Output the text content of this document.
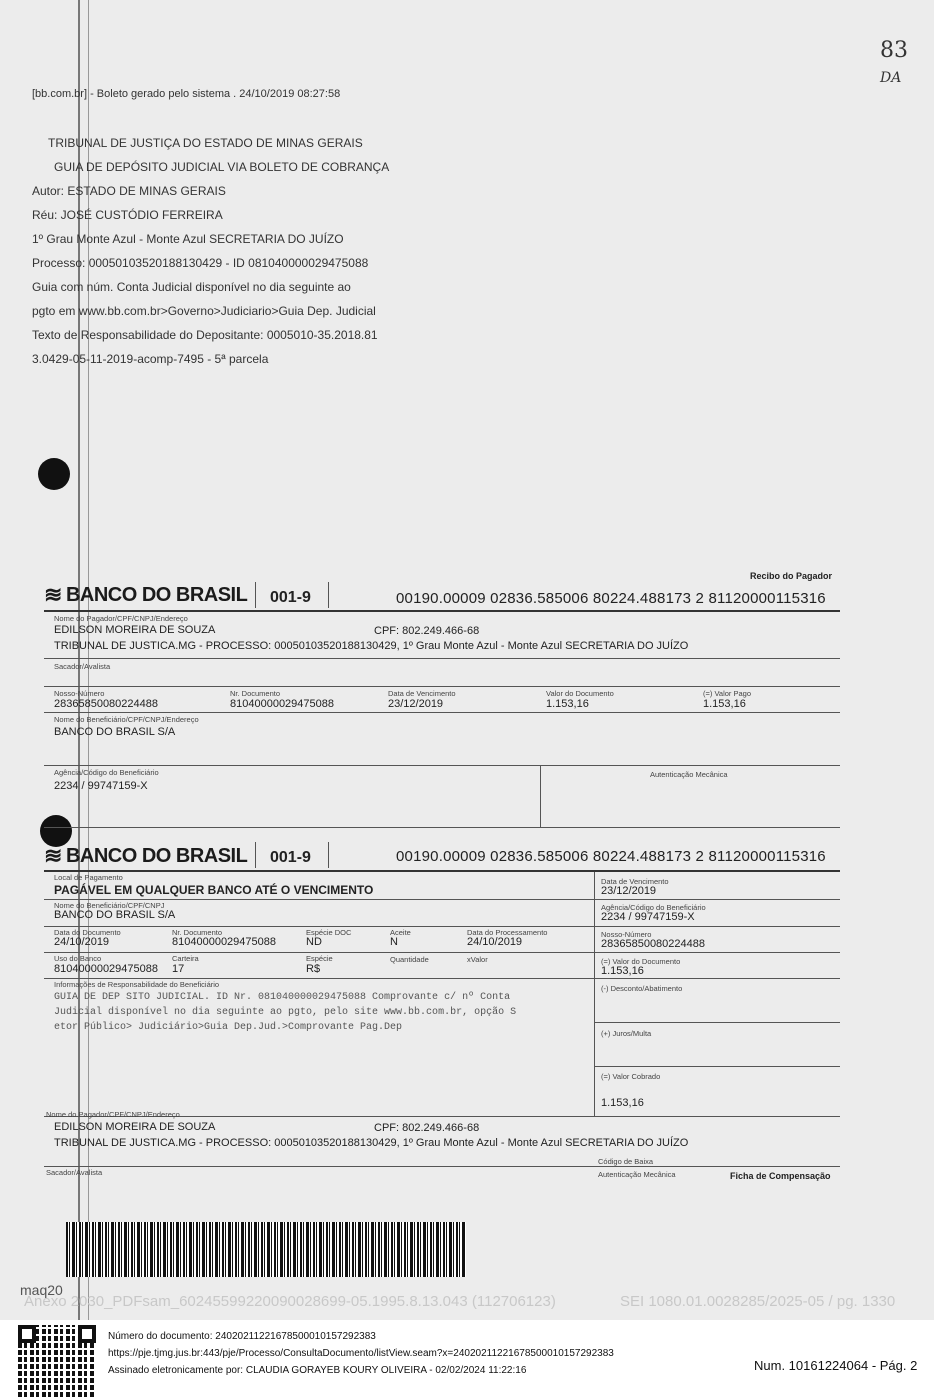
[bb.com.br] - Boleto gerado pelo sistema . 24/10/2019 08:27:58
83
DA
TRIBUNAL DE JUSTIÇA DO ESTADO DE MINAS GERAIS
GUIA DE DEPÓSITO JUDICIAL VIA BOLETO DE COBRANÇA
Autor: ESTADO DE MINAS GERAIS
Réu: JOSÉ CUSTÓDIO FERREIRA
1º Grau Monte Azul - Monte Azul SECRETARIA DO JUÍZO
Processo: 00050103520188130429 - ID 081040000029475088
Guia com núm. Conta Judicial disponível no dia seguinte ao
pgto em www.bb.com.br>Governo>Judiciario>Guia Dep. Judicial
Texto de Responsabilidade do Depositante: 0005010-35.2018.81
3.0429-05-11-2019-acomp-7495 - 5ª parcela
Recibo do Pagador
≋ BANCO DO BRASIL 001-9	00190.00009 02836.585006 80224.488173 2 81120000115316
Nome do Pagador/CPF/CNPJ/Endereço
EDILSON MOREIRA DE SOUZA	CPF: 802.249.466-68
TRIBUNAL DE JUSTICA.MG - PROCESSO: 00050103520188130429, 1º Grau Monte Azul - Monte Azul SECRETARIA DO JUÍZO
Sacador/Avalista
Nosso-Número
28365850080224488
Nr. Documento
81040000029475088
Data de Vencimento
23/12/2019
Valor do Documento
1.153,16
(=) Valor Pago
1.153,16
Nome do Beneficiário/CPF/CNPJ/Endereço
BANCO DO BRASIL S/A
Agência/Código do Beneficiário
2234 / 99747159-X
Autenticação Mecânica
≋ BANCO DO BRASIL 001-9	00190.00009 02836.585006 80224.488173 2 81120000115316
Local de Pagamento
PAGÁVEL EM QUALQUER BANCO ATÉ O VENCIMENTO
Data de Vencimento
23/12/2019
Nome do Beneficiário/CPF/CNPJ
BANCO DO BRASIL S/A
Agência/Código do Beneficiário
2234 / 99747159-X
Data do Documento
24/10/2019
Nr. Documento
81040000029475088
Espécie DOC
ND
Aceite
N
Data do Processamento
24/10/2019
Nosso-Número
28365850080224488
Uso do Banco
81040000029475088
Carteira
17
Espécie
R$
Quantidade	xValor	(=) Valor do Documento
1.153,16
Informações de Responsabilidade do Beneficiário
GUIA DE DEP SITO JUDICIAL. ID Nr. 081040000029475088 Comprovante c/ nº Conta
Judicial disponível no dia seguinte ao pgto, pelo site www.bb.com.br, opção S
etor Público> Judiciário>Guia Dep.Jud.>Comprovante Pag.Dep
(-) Desconto/Abatimento
(+) Juros/Multa
(=) Valor Cobrado
1.153,16
Nome do Pagador/CPF/CNPJ/Endereço
EDILSON MOREIRA DE SOUZA	CPF: 802.249.466-68
TRIBUNAL DE JUSTICA.MG - PROCESSO: 00050103520188130429, 1º Grau Monte Azul - Monte Azul SECRETARIA DO JUÍZO
Código de Baixa
Sacador/Avalista	Autenticação Mecânica	Ficha de Compensação
maq20
Anexo 2030_PDFsam_60245599220090028699-05.1995.8.13.043 (112706123)	SEI 1080.01.0028285/2025-05 / pg. 1330
Número do documento: 24020211221678500010157292383
https://pje.tjmg.jus.br:443/pje/Processo/ConsultaDocumento/listView.seam?x=24020211221678500010157292383
Assinado eletronicamente por: CLAUDIA GORAYEB KOURY OLIVEIRA - 02/02/2024 11:22:16	Num. 10161224064 - Pág. 2
